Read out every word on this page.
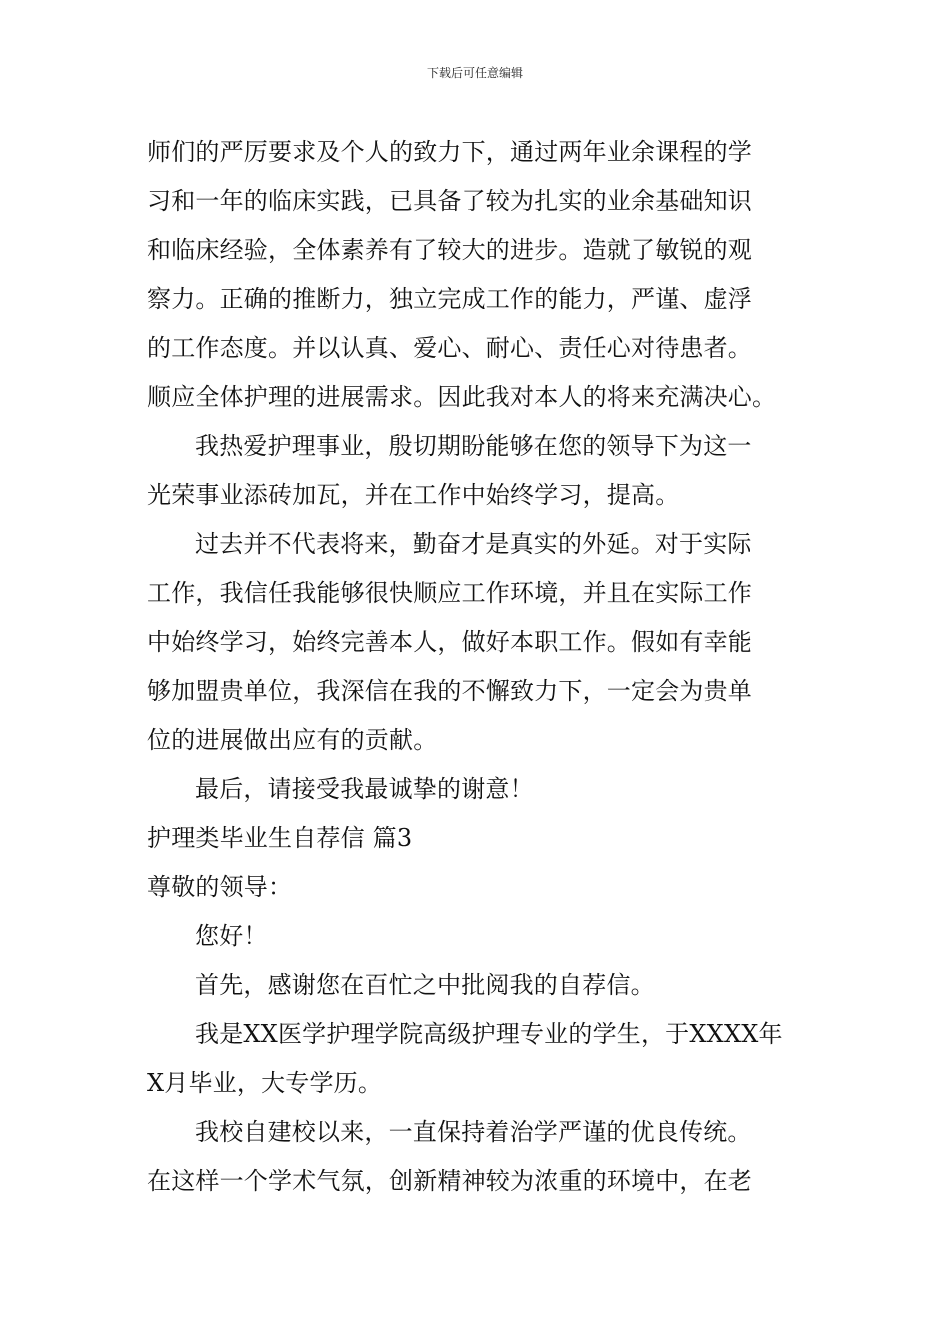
下载后可任意编辑
师们的严厉要求及个人的致力下，通过两年业余课程的学
习和一年的临床实践，已具备了较为扎实的业余基础知识
和临床经验，全体素养有了较大的进步。造就了敏锐的观
察力。正确的推断力，独立完成工作的能力，严谨、虚浮
的工作态度。并以认真、爱心、耐心、责任心对待患者。
顺应全体护理的进展需求。因此我对本人的将来充满决心。
我热爱护理事业，殷切期盼能够在您的领导下为这一
光荣事业添砖加瓦，并在工作中始终学习，提高。
过去并不代表将来，勤奋才是真实的外延。对于实际
工作，我信任我能够很快顺应工作环境，并且在实际工作
中始终学习，始终完善本人，做好本职工作。假如有幸能
够加盟贵单位，我深信在我的不懈致力下，一定会为贵单
位的进展做出应有的贡献。
最后，请接受我最诚挚的谢意！
护理类毕业生自荐信 篇3
尊敬的领导：
您好！
首先，感谢您在百忙之中批阅我的自荐信。
我是XX医学护理学院高级护理专业的学生，于XXXX年
X月毕业，大专学历。
我校自建校以来，一直保持着治学严谨的优良传统。
在这样一个学术气氛，创新精神较为浓重的环境中，在老
